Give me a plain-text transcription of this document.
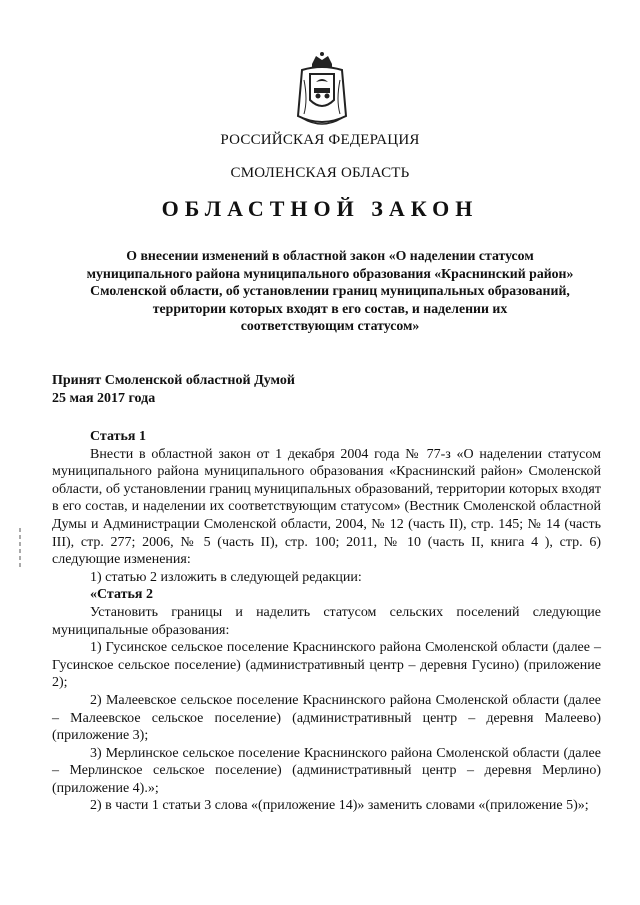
РОССИЙСКАЯ ФЕДЕРАЦИЯ
СМОЛЕНСКАЯ ОБЛАСТЬ
ОБЛАСТНОЙ ЗАКОН
О внесении изменений в областной закон «О наделении статусом
муниципального района муниципального образования «Краснинский район»
Смоленской области, об установлении границ муниципальных образований,
территории которых входят в его состав, и наделении их
соответствующим статусом»
Принят Смоленской областной Думой
25 мая 2017 года

Статья 1

Внести в областной закон от 1 декабря 2004 года № 77-з «О наделении статусом муниципального района муниципального образования «Краснинский район» Смоленской области, об установлении границ муниципальных образований, территории которых входят в его состав, и наделении их соответствующим статусом» (Вестник Смоленской областной Думы и Администрации Смоленской области, 2004, № 12 (часть II), стр. 145; № 14 (часть III), стр. 277; 2006, № 5 (часть II), стр. 100; 2011, № 10 (часть II, книга 4 ), стр. 6) следующие изменения:

1) статью 2 изложить в следующей редакции:

«Статья 2

Установить границы и наделить статусом сельских поселений следующие муниципальные образования:

1) Гусинское сельское поселение Краснинского района Смоленской области (далее – Гусинское сельское поселение) (административный центр – деревня Гусино) (приложение 2);

2) Малеевское сельское поселение Краснинского района Смоленской области (далее – Малеевское сельское поселение) (административный центр – деревня Малеево) (приложение 3);

3) Мерлинское сельское поселение Краснинского района Смоленской области (далее – Мерлинское сельское поселение) (административный центр – деревня Мерлино) (приложение 4).»;

2) в части 1 статьи 3 слова «(приложение 14)» заменить словами «(приложение 5)»;
